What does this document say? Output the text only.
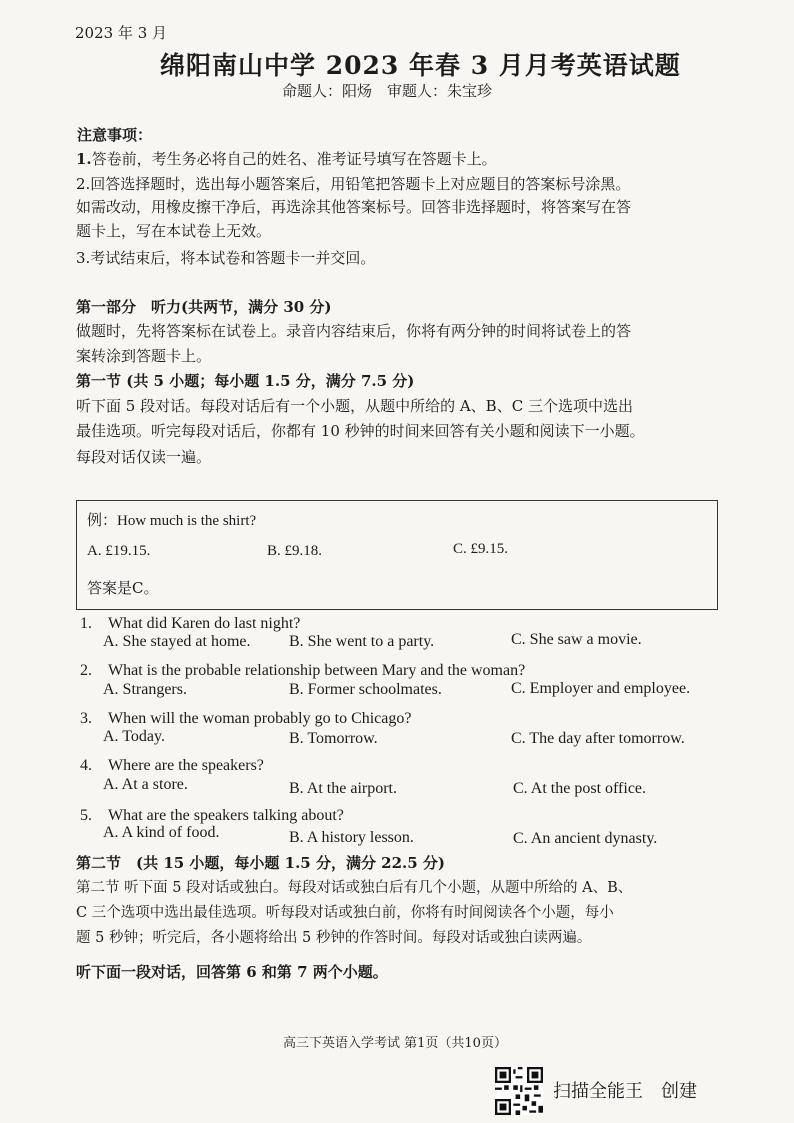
2023 年 3 月
绵阳南山中学 2023 年春 3 月月考英语试题
命题人：阳炀　审题人：朱宝珍
注意事项：
1.答卷前，考生务必将自己的姓名、准考证号填写在答题卡上。
2.回答选择题时，选出每小题答案后，用铅笔把答题卡上对应题目的答案标号涂黑。
如需改动，用橡皮擦干净后，再选涂其他答案标号。回答非选择题时，将答案写在答
题卡上，写在本试卷上无效。
3.考试结束后，将本试卷和答题卡一并交回。
第一部分　听力(共两节，满分 30 分)
做题时，先将答案标在试卷上。录音内容结束后，你将有两分钟的时间将试卷上的答
案转涂到答题卡上。
第一节 (共 5 小题；每小题 1.5 分，满分 7.5 分)
听下面 5 段对话。每段对话后有一个小题，从题中所给的 A、B、C 三个选项中选出
最佳选项。听完每段对话后，你都有 10 秒钟的时间来回答有关小题和阅读下一小题。
每段对话仅读一遍。
例：How much is the shirt?
A. £19.15.	B. £9.18.	C. £9.15.
答案是C。
1.　What did Karen do last night?
A. She stayed at home. B. She went to a party.	C. She saw a movie.
2.　What is the probable relationship between Mary and the woman?
A. Strangers.	B. Former schoolmates.	C. Employer and employee.
3.　When will the woman probably go to Chicago?
A. Today.	B. Tomorrow.	C. The day after tomorrow.
4.　Where are the speakers?
A. At a store.	B. At the airport.	C. At the post office.
5.　What are the speakers talking about?
A. A kind of food.	B. A history lesson.	C. An ancient dynasty.
第二节　(共 15 小题，每小题 1.5 分，满分 22.5 分)
第二节 听下面 5 段对话或独白。每段对话或独白后有几个小题，从题中所给的 A、B、
C 三个选项中选出最佳选项。听每段对话或独白前，你将有时间阅读各个小题，每小
题 5 秒钟；听完后，各小题将给出 5 秒钟的作答时间。每段对话或独白读两遍。
听下面一段对话，回答第 6 和第 7 两个小题。
高三下英语入学考试 第1页（共10页）
扫描全能王　创建
